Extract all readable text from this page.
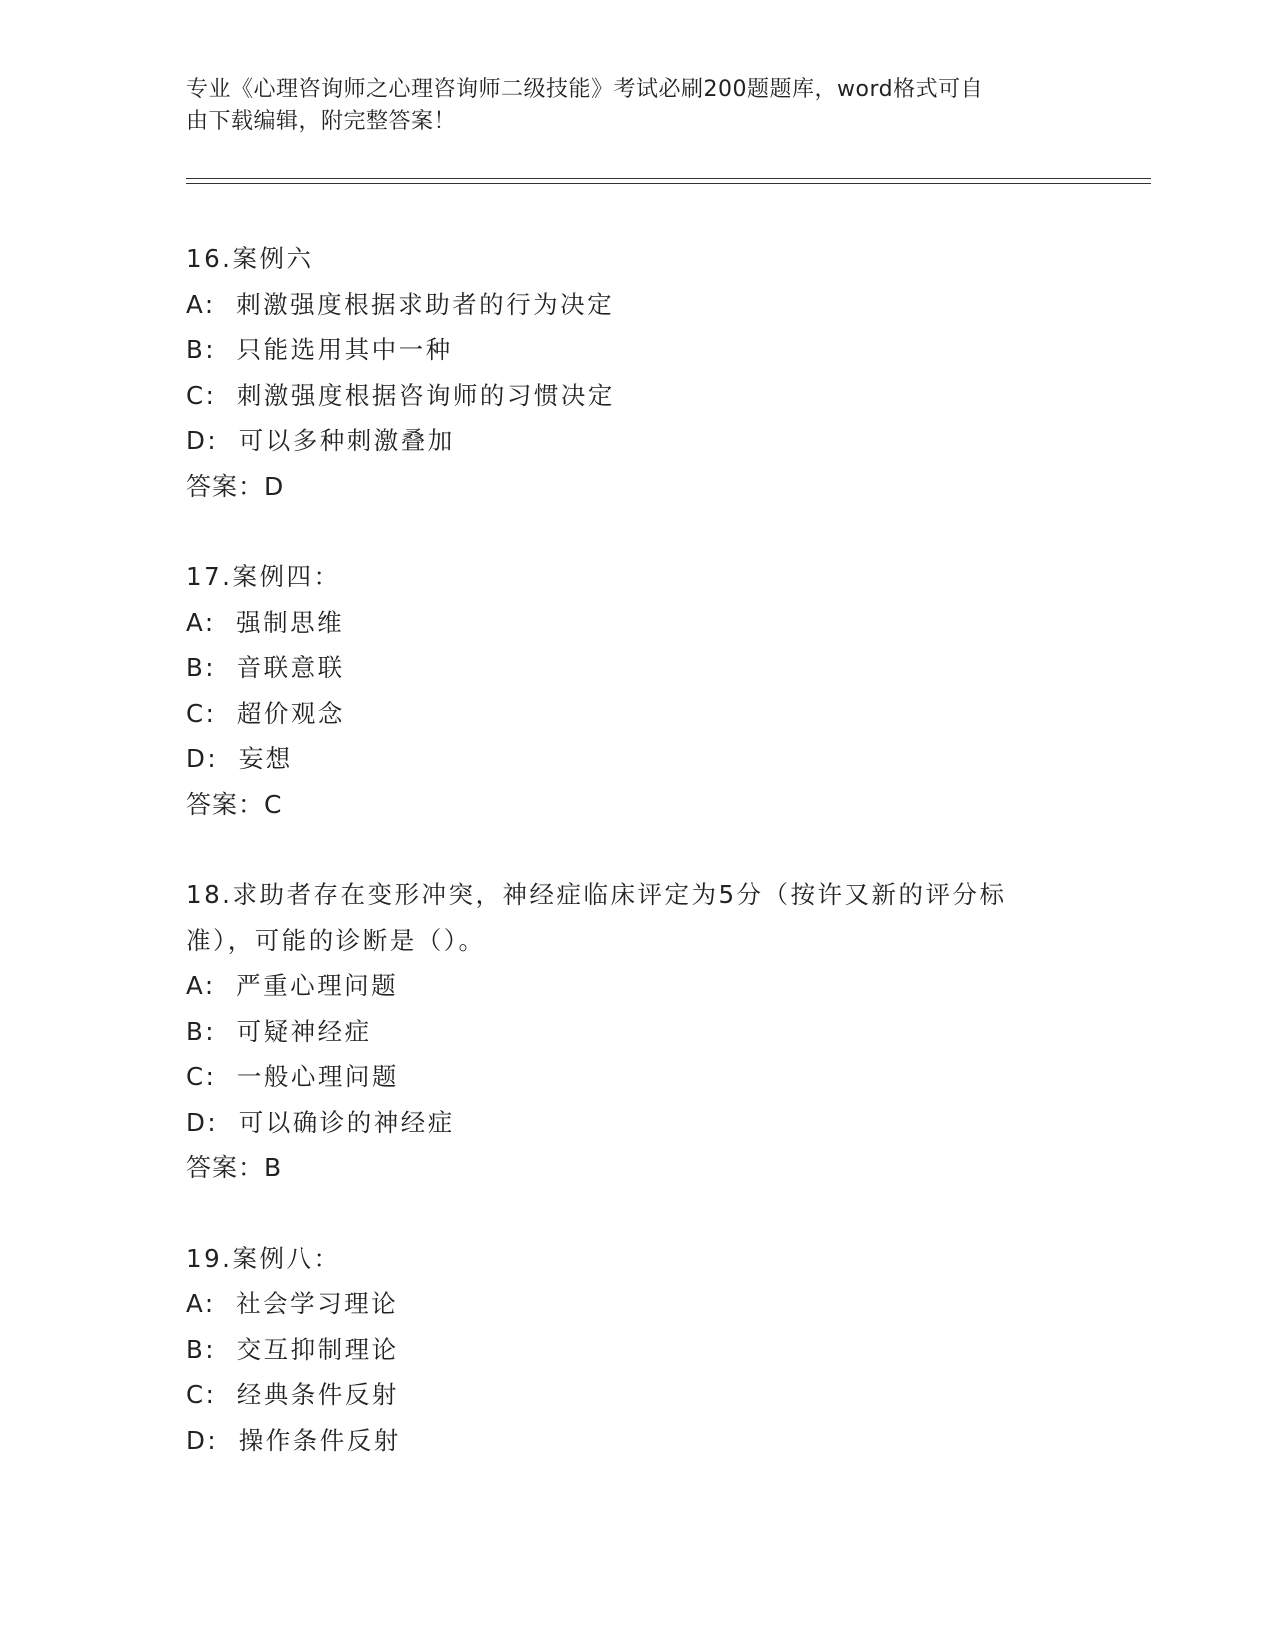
专业《心理咨询师之心理咨询师二级技能》考试必刷200题题库，word格式可自
由下载编辑，附完整答案！
16.案例六
A:  刺激强度根据求助者的行为决定
B:  只能选用其中一种
C:  刺激强度根据咨询师的习惯决定
D:  可以多种刺激叠加
答案：D
17.案例四：
A:  强制思维
B:  音联意联
C:  超价观念
D:  妄想
答案：C
18.求助者存在变形冲突，神经症临床评定为5分（按许又新的评分标
准），可能的诊断是（）。
A:  严重心理问题
B:  可疑神经症
C:  一般心理问题
D:  可以确诊的神经症
答案：B
19.案例八：
A:  社会学习理论
B:  交互抑制理论
C:  经典条件反射
D:  操作条件反射
